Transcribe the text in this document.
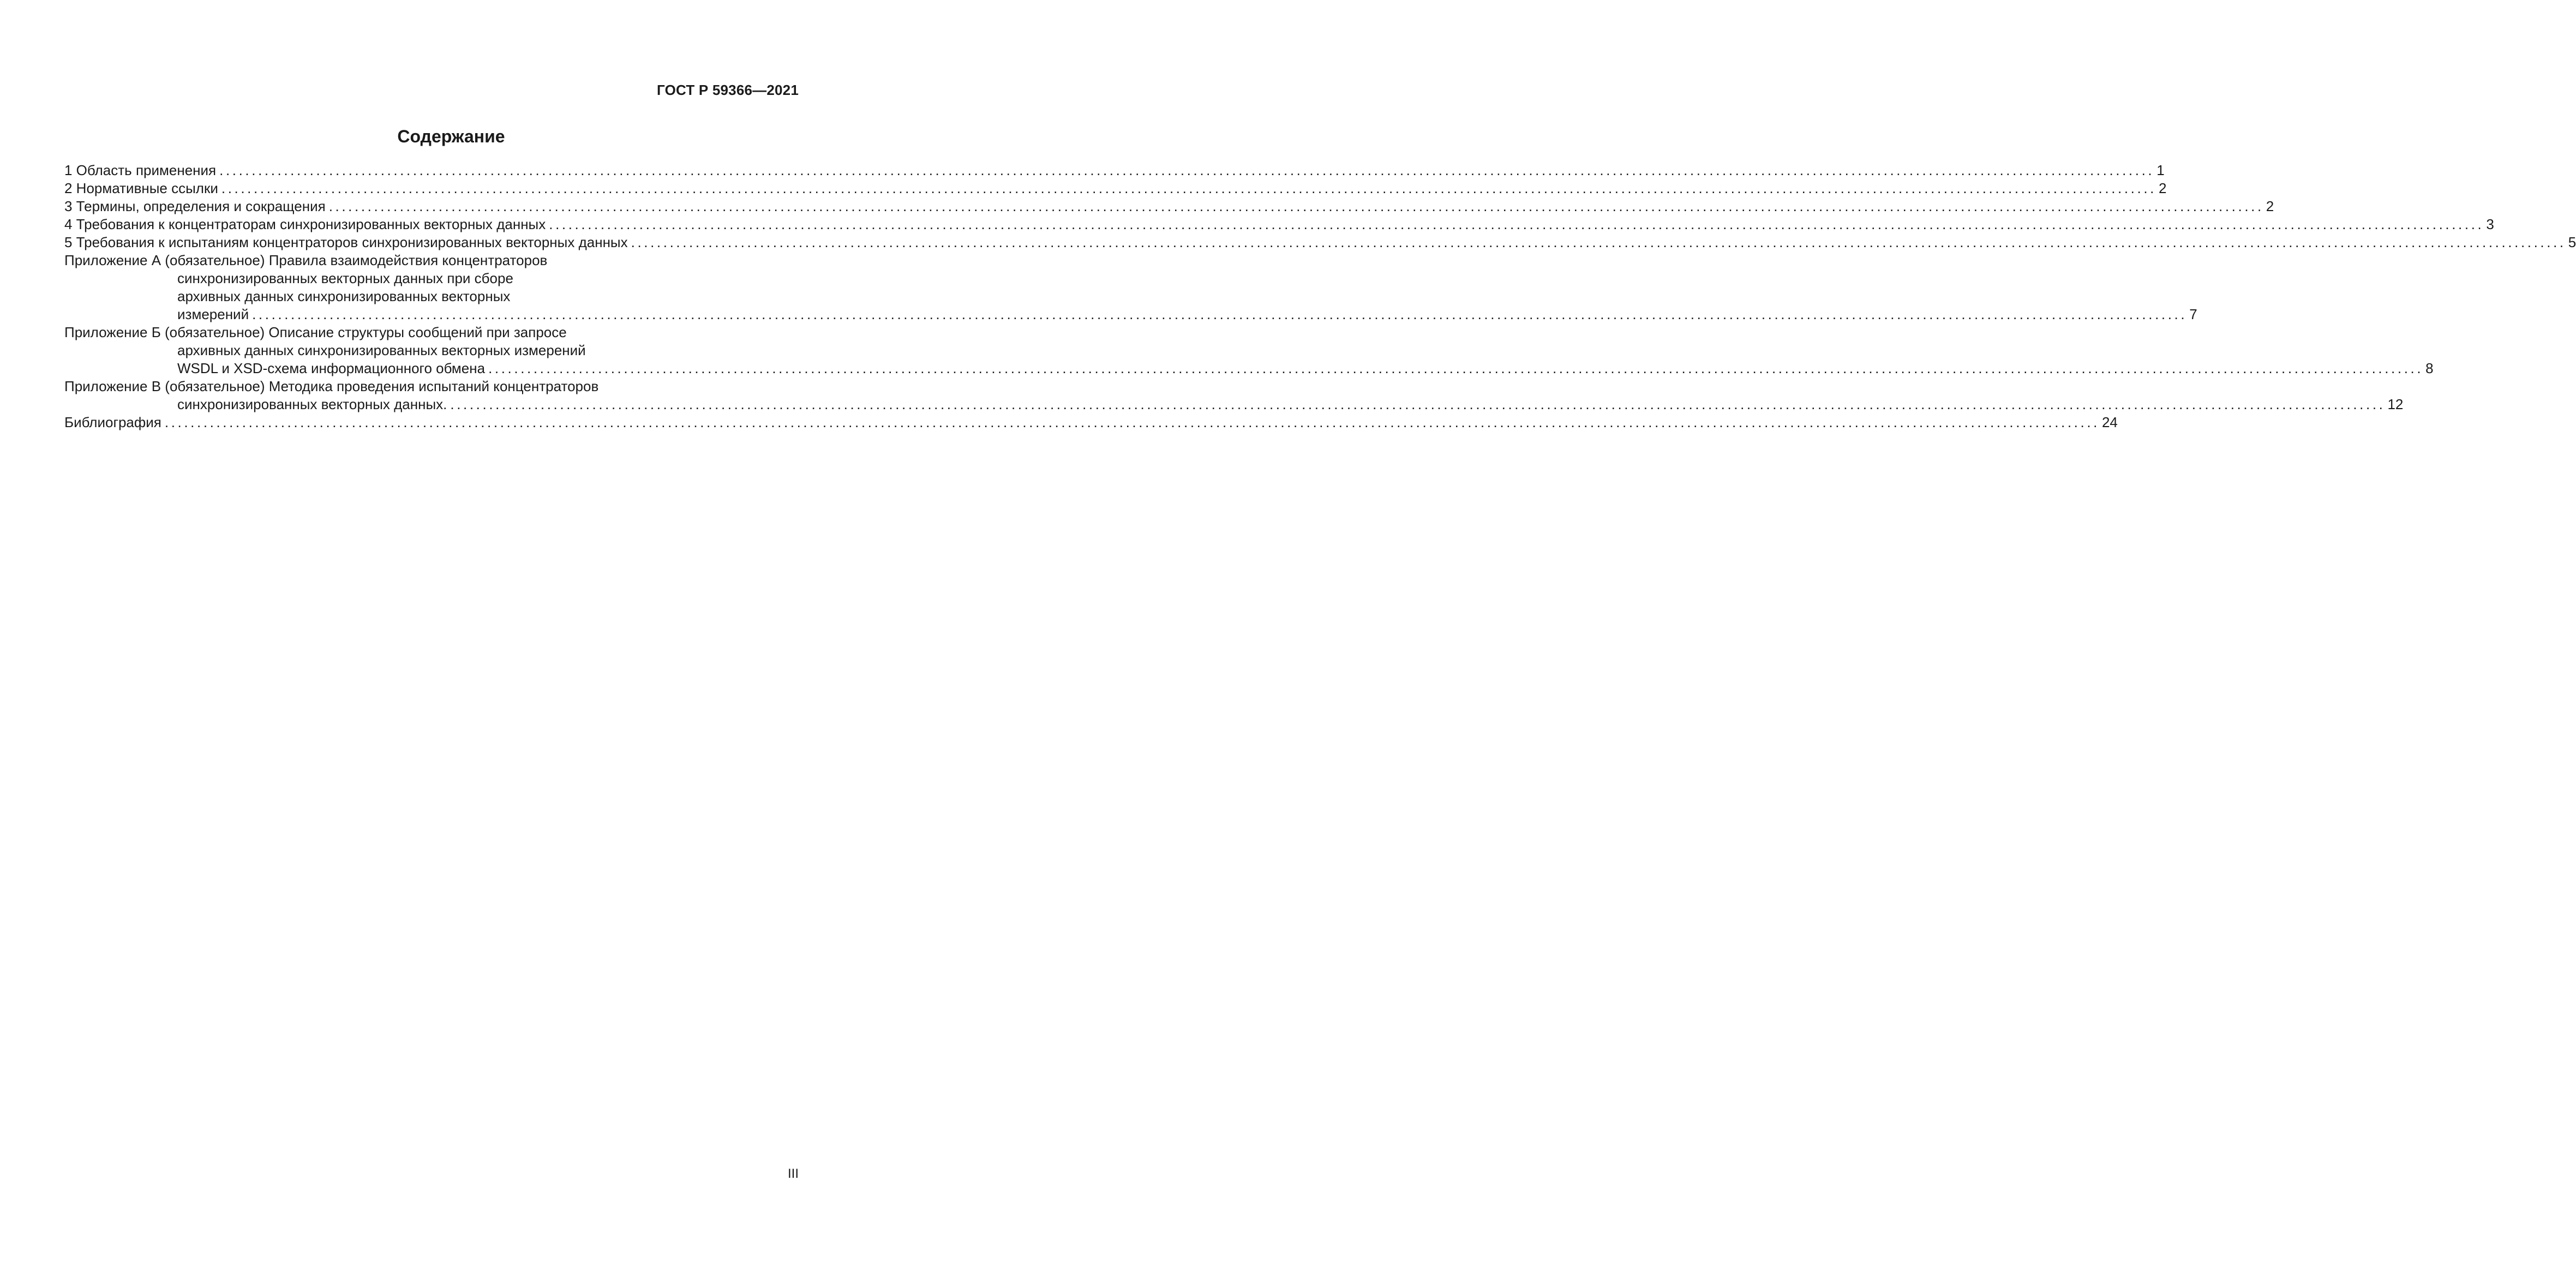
ГОСТ Р 59366—2021
Содержание
1 Область применения ............................................................................................................................................................................................................................................................................................................ 1
2 Нормативные ссылки ............................................................................................................................................................................................................................................................................................................ 2
3 Термины, определения и сокращения ............................................................................................................................................................................................................................................................................................................ 2
4 Требования к концентраторам синхронизированных векторных данных ............................................................................................................................................................................................................................................................................................................ 3
5 Требования к испытаниям концентраторов синхронизированных векторных данных ............................................................................................................................................................................................................................................................................................................ 5
Приложение А (обязательное) Правила взаимодействия концентраторов
синхронизированных векторных данных при сборе
архивных данных синхронизированных векторных
измерений ............................................................................................................................................................................................................................................................................................................ 7
Приложение Б (обязательное) Описание структуры сообщений при запросе
архивных данных синхронизированных векторных измерений
WSDL и XSD-схема информационного обмена ............................................................................................................................................................................................................................................................................................................ 8
Приложение В (обязательное) Методика проведения испытаний концентраторов
синхронизированных векторных данных. ............................................................................................................................................................................................................................................................................................................ 12
Библиография ............................................................................................................................................................................................................................................................................................................ 24
III
